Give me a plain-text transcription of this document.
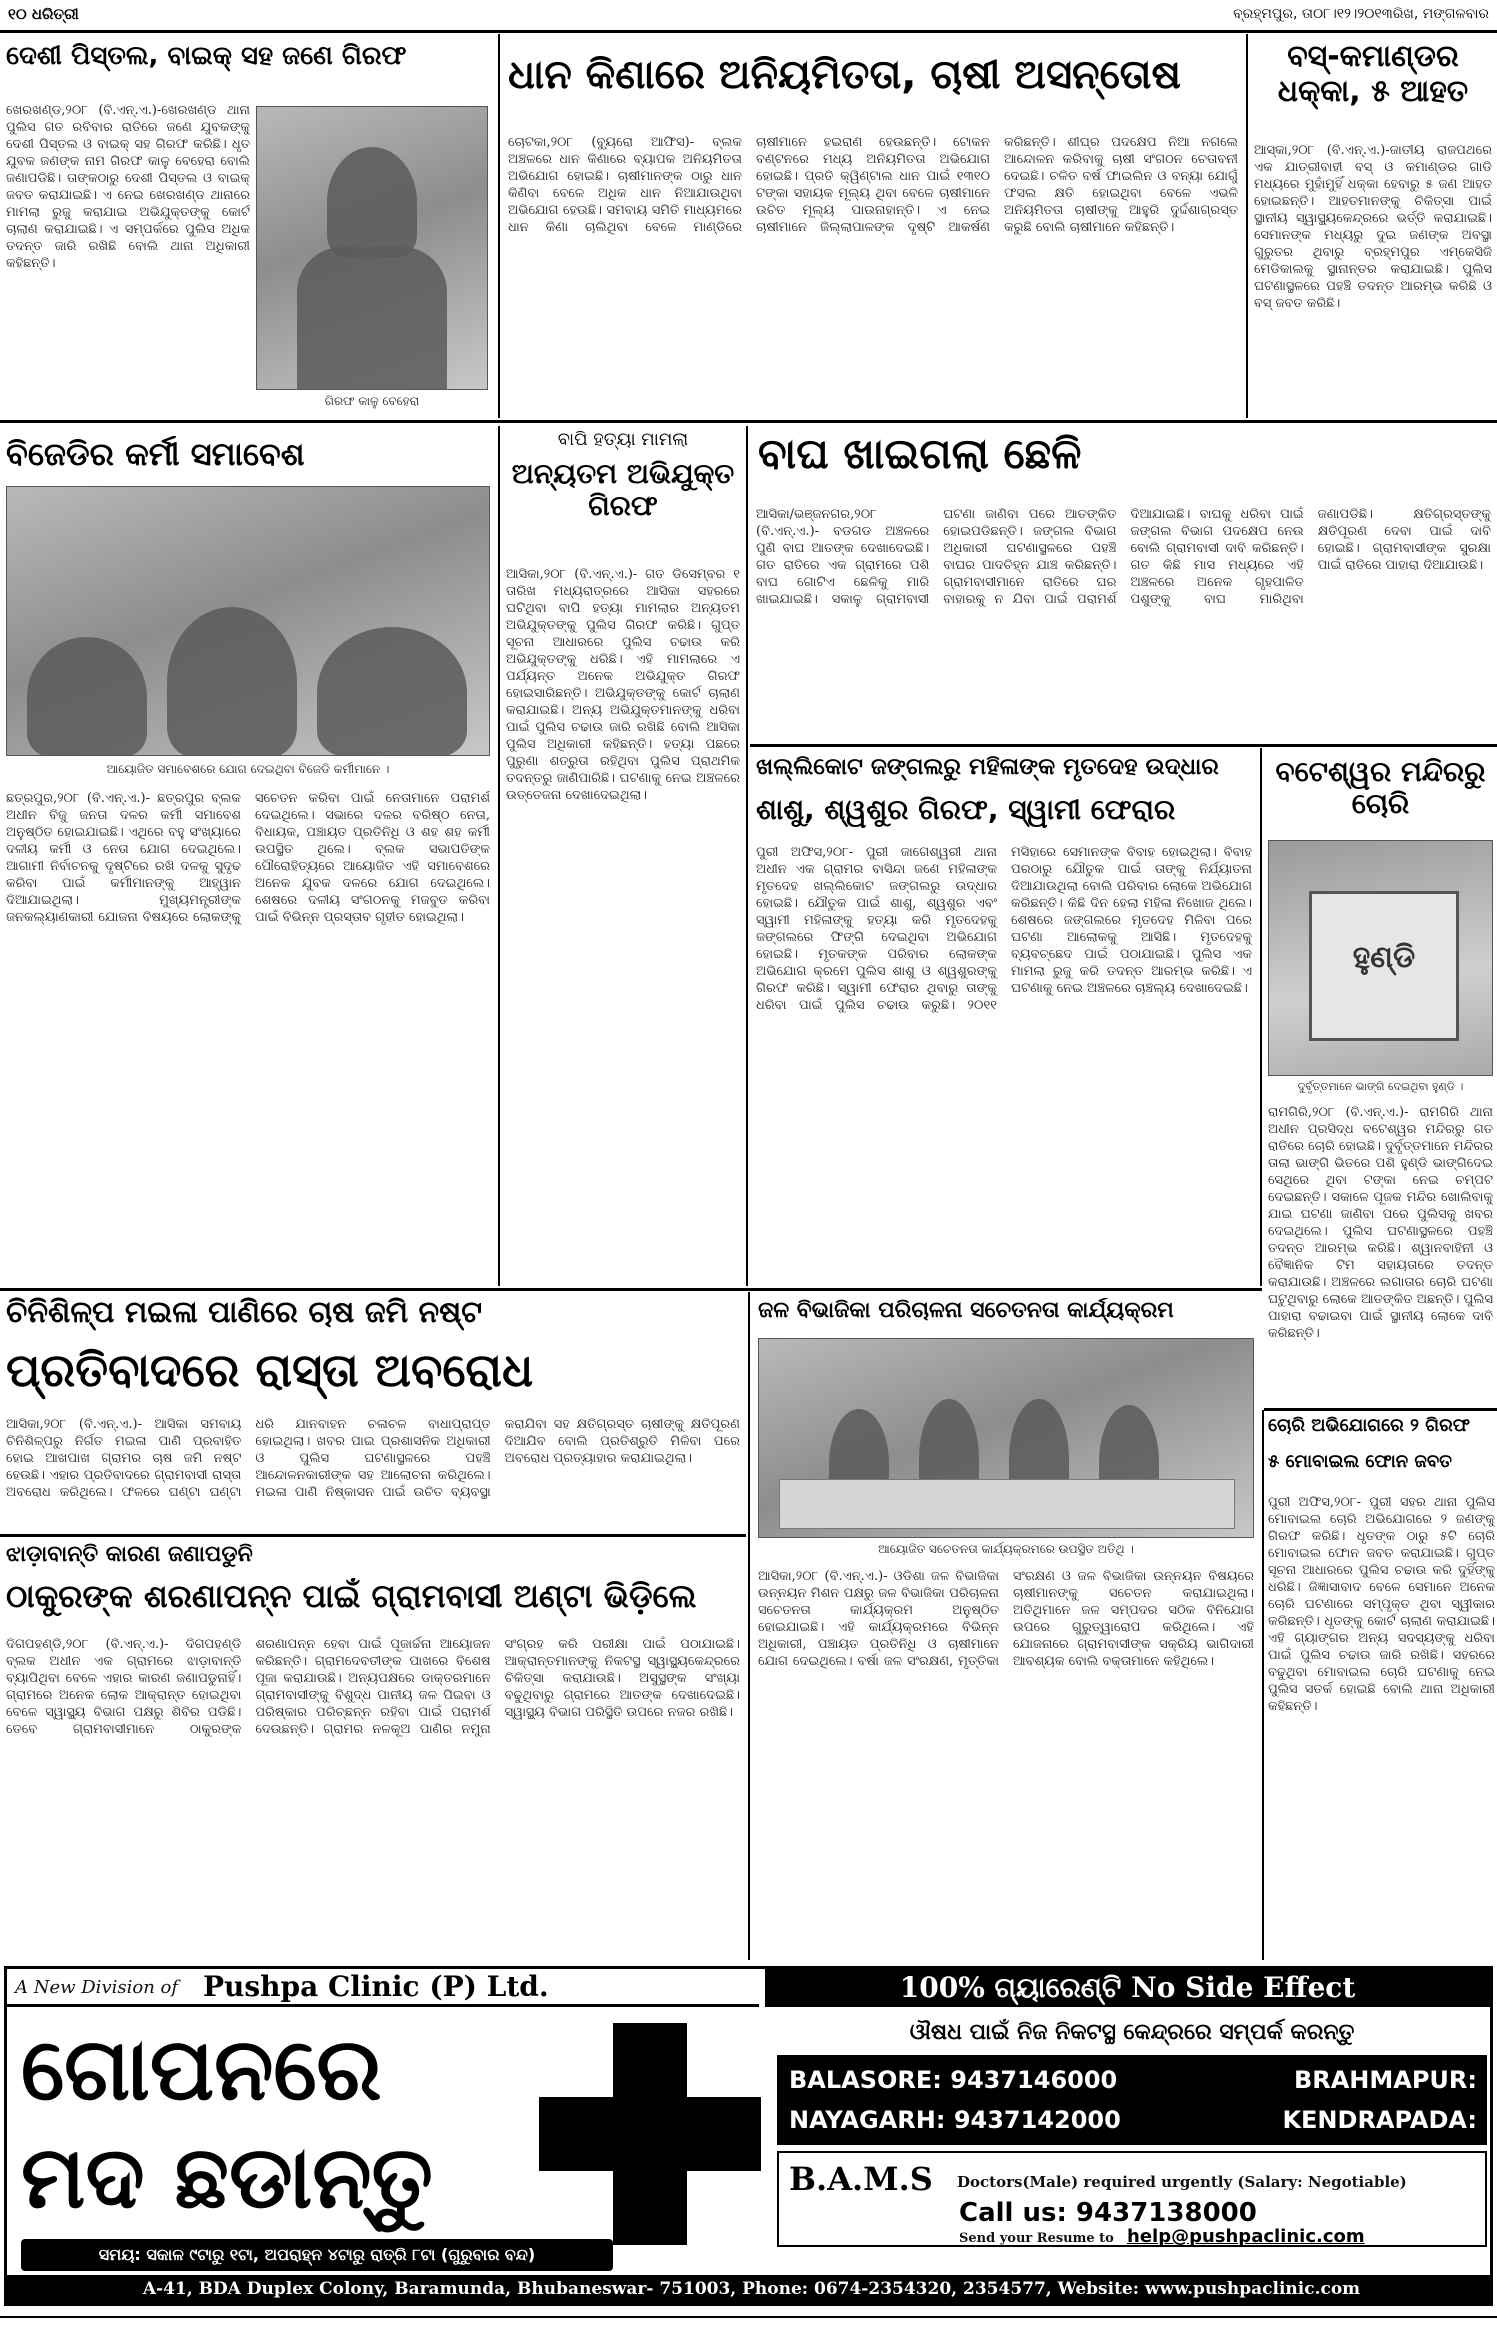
୧୦ ଧରିତ୍ରୀ	ବ୍ରହ୍ମପୁର, ତା୦୮।୧୨।୨୦୧୩ରିଖ, ମଙ୍ଗଳବାର
ଦେଶୀ ପିସ୍ତଲ, ବାଇକ୍ ସହ ଜଣେ ଗିରଫ
ଖେରଖଣ୍ଡ,୨୦୮ (ବି.ଏନ୍.ଏ.)-ଖେରଖଣ୍ଡ ଥାନା ପୁଲିସ ଗତ ରବିବାର ରାତିରେ ଜଣେ ଯୁବକଙ୍କୁ ଦେଶୀ ପିସ୍ତଲ ଓ ବାଇକ୍ ସହ ଗିରଫ କରିଛି। ଧୃତ ଯୁବକ ଜଣଙ୍କ ନାମ ଗିରଫ କାଳୁ ବେହେରା ବୋଲି ଜଣାପଡିଛି। ତାଙ୍କଠାରୁ ଦେଶୀ ପିସ୍ତଲ ଓ ବାଇକ୍ ଜବତ କରାଯାଇଛି। ଏ ନେଇ ଖେରଖଣ୍ଡ ଥାନାରେ ମାମଲା ରୁଜୁ କରାଯାଇ ଅଭିଯୁକ୍ତଙ୍କୁ କୋର୍ଟ ଚାଲାଣ କରାଯାଇଛି। ଏ ସମ୍ପର୍କରେ ପୁଲିସ ଅଧିକ ତଦନ୍ତ ଜାରି ରଖିଛି ବୋଲି ଥାନା ଅଧିକାରୀ କହିଛନ୍ତି।
ଗିରଫ କାଳୁ ବେହେରା
ଧାନ କିଣାରେ ଅନିୟମିତତା, ଚାଷୀ ଅସନ୍ତୋଷ
ଚୋଟକା,୨୦୮ (ବ୍ୟୁରୋ ଆଫିସ)- ବ୍ଲକ ଅଞ୍ଚଳରେ ଧାନ କିଣାରେ ବ୍ୟାପକ ଅନିୟମିତତା ଅଭିଯୋଗ ହୋଇଛି। ଚାଷୀମାନଙ୍କ ଠାରୁ ଧାନ କିଣିବା ବେଳେ ଅଧିକ ଧାନ ନିଆଯାଉଥିବା ଅଭିଯୋଗ ହେଉଛି। ସମବାୟ ସମିତି ମାଧ୍ୟମରେ ଧାନ କିଣା ଚାଲିଥିବା ବେଳେ ମାଣ୍ଡିରେ ଚାଷୀମାନେ ହଇରାଣ ହେଉଛନ୍ତି। ଟୋକନ ବଣ୍ଟନରେ ମଧ୍ୟ ଅନିୟମିତତା ଅଭିଯୋଗ ହୋଇଛି। ପ୍ରତି କ୍ୱିଣ୍ଟାଲ ଧାନ ପାଇଁ ୧୩୧୦ ଟଙ୍କା ସହାୟକ ମୂଲ୍ୟ ଥିବା ବେଳେ ଚାଷୀମାନେ ଉଚିତ ମୂଲ୍ୟ ପାଉନାହାନ୍ତି। ଏ ନେଇ ଚାଷୀମାନେ ଜିଲ୍ଲାପାଳଙ୍କ ଦୃଷ୍ଟି ଆକର୍ଷଣ କରିଛନ୍ତି। ଶୀଘ୍ର ପଦକ୍ଷେପ ନିଆ ନଗଲେ ଆନ୍ଦୋଳନ କରିବାକୁ ଚାଷୀ ସଂଗଠନ ଚେତାବନୀ ଦେଇଛି। ଚଳିତ ବର୍ଷ ଫାଇଲିନ ଓ ବନ୍ୟା ଯୋଗୁଁ ଫସଲ କ୍ଷତି ହୋଇଥିବା ବେଳେ ଏଭଳି ଅନିୟମିତତା ଚାଷୀଙ୍କୁ ଆହୁରି ଦୁର୍ଦ୍ଦଶାଗ୍ରସ୍ତ କରୁଛି ବୋଲି ଚାଷୀମାନେ କହିଛନ୍ତି।
ବସ୍-କମାଣ୍ଡର ଧକ୍କା, ୫ ଆହତ
ଆସ୍କା,୨୦୮ (ବି.ଏନ୍.ଏ.)-ଜାତୀୟ ରାଜପଥରେ ଏକ ଯାତ୍ରୀବାହୀ ବସ୍ ଓ କମାଣ୍ଡର ଗାଡି ମଧ୍ୟରେ ମୁହାଁମୁହିଁ ଧକ୍କା ହେବାରୁ ୫ ଜଣ ଆହତ ହୋଇଛନ୍ତି। ଆହତମାନଙ୍କୁ ଚିକିତ୍ସା ପାଇଁ ସ୍ଥାନୀୟ ସ୍ୱାସ୍ଥ୍ୟକେନ୍ଦ୍ରରେ ଭର୍ତ୍ତି କରାଯାଇଛି। ସେମାନଙ୍କ ମଧ୍ୟରୁ ଦୁଇ ଜଣଙ୍କ ଅବସ୍ଥା ଗୁରୁତର ଥିବାରୁ ବ୍ରହ୍ମପୁର ଏମ୍କେସିଜି ମେଡିକାଲକୁ ସ୍ଥାନାନ୍ତର କରାଯାଇଛି। ପୁଲିସ ଘଟଣାସ୍ଥଳରେ ପହଞ୍ଚି ତଦନ୍ତ ଆରମ୍ଭ କରିଛି ଓ ବସ୍ ଜବତ କରିଛି।
ବିଜେଡିର କର୍ମୀ ସମାବେଶ
ଆୟୋଜିତ ସମାବେଶରେ ଯୋଗ ଦେଇଥିବା ବିଜେଡି କର୍ମୀମାନେ ।
ଛତ୍ରପୁର,୨୦୮ (ବି.ଏନ୍.ଏ.)- ଛତ୍ରପୁର ବ୍ଲକ ଅଧୀନ ବିଜୁ ଜନତା ଦଳର କର୍ମୀ ସମାବେଶ ଅନୁଷ୍ଠିତ ହୋଇଯାଇଛି। ଏଥିରେ ବହୁ ସଂଖ୍ୟାରେ ଦଳୀୟ କର୍ମୀ ଓ ନେତା ଯୋଗ ଦେଇଥିଲେ। ଆଗାମୀ ନିର୍ବାଚନକୁ ଦୃଷ୍ଟିରେ ରଖି ଦଳକୁ ସୁଦୃଢ କରିବା ପାଇଁ କର୍ମୀମାନଙ୍କୁ ଆହ୍ୱାନ ଦିଆଯାଇଥିଲା। ମୁଖ୍ୟମନ୍ତ୍ରୀଙ୍କ ଜନକଲ୍ୟାଣକାରୀ ଯୋଜନା ବିଷୟରେ ଲୋକଙ୍କୁ ସଚେତନ କରିବା ପାଇଁ ନେତାମାନେ ପରାମର୍ଶ ଦେଇଥିଲେ। ସଭାରେ ଦଳର ବରିଷ୍ଠ ନେତା, ବିଧାୟକ, ପଞ୍ଚାୟତ ପ୍ରତିନିଧି ଓ ଶହ ଶହ କର୍ମୀ ଉପସ୍ଥିତ ଥିଲେ। ବ୍ଲକ ସଭାପତିଙ୍କ ପୌରୋହିତ୍ୟରେ ଆୟୋଜିତ ଏହି ସମାବେଶରେ ଅନେକ ଯୁବକ ଦଳରେ ଯୋଗ ଦେଇଥିଲେ। ଶେଷରେ ଦଳୀୟ ସଂଗଠନକୁ ମଜବୁତ କରିବା ପାଇଁ ବିଭିନ୍ନ ପ୍ରସ୍ତାବ ଗୃହୀତ ହୋଇଥିଲା।
ବାପି ହତ୍ୟା ମାମଲା
ଅନ୍ୟତମ ଅଭିଯୁକ୍ତ ଗିରଫ
ଆସିକା,୨୦୮ (ବି.ଏନ୍.ଏ.)- ଗତ ଡିସେମ୍ବର ୧ ତାରିଖ ମଧ୍ୟରାତ୍ରରେ ଆସିକା ସହରରେ ଘଟିଥିବା ବାପି ହତ୍ୟା ମାମଲାର ଅନ୍ୟତମ ଅଭିଯୁକ୍ତଙ୍କୁ ପୁଲିସ ଗିରଫ କରିଛି। ଗୁପ୍ତ ସୂଚନା ଆଧାରରେ ପୁଲିସ ଚଢାଉ କରି ଅଭିଯୁକ୍ତଙ୍କୁ ଧରିଛି। ଏହି ମାମଲାରେ ଏ ପର୍ଯ୍ୟନ୍ତ ଅନେକ ଅଭିଯୁକ୍ତ ଗିରଫ ହୋଇସାରିଛନ୍ତି। ଅଭିଯୁକ୍ତଙ୍କୁ କୋର୍ଟ ଚାଲାଣ କରାଯାଇଛି। ଅନ୍ୟ ଅଭିଯୁକ୍ତମାନଙ୍କୁ ଧରିବା ପାଇଁ ପୁଲିସ ଚଢାଉ ଜାରି ରଖିଛି ବୋଲି ଆସିକା ପୁଲିସ ଅଧିକାରୀ କହିଛନ୍ତି। ହତ୍ୟା ପଛରେ ପୁରୁଣା ଶତ୍ରୁତା ରହିଥିବା ପୁଲିସ ପ୍ରାଥମିକ ତଦନ୍ତରୁ ଜାଣିପାରିଛି। ଘଟଣାକୁ ନେଇ ଅଞ୍ଚଳରେ ଉତ୍ତେଜନା ଦେଖାଦେଇଥିଲା।
ବାଘ ଖାଇଗଲା ଛେଳି
ଆସିକା/ଭଞ୍ଜନଗର,୨୦୮ (ବି.ଏନ୍.ଏ.)- ବଡଗଡ ଅଞ୍ଚଳରେ ପୁଣି ବାଘ ଆତଙ୍କ ଦେଖାଦେଇଛି। ଗତ ରାତିରେ ଏକ ଗ୍ରାମରେ ପଶି ବାଘ ଗୋଟିଏ ଛେଳିକୁ ମାରି ଖାଇଯାଇଛି। ସକାଳୁ ଗ୍ରାମବାସୀ ଘଟଣା ଜାଣିବା ପରେ ଆତଙ୍କିତ ହୋଇପଡିଛନ୍ତି। ଜଙ୍ଗଲ ବିଭାଗ ଅଧିକାରୀ ଘଟଣାସ୍ଥଳରେ ପହଞ୍ଚି ବାଘର ପାଦଚିହ୍ନ ଯାଞ୍ଚ କରିଛନ୍ତି। ଗ୍ରାମବାସୀମାନେ ରାତିରେ ଘର ବାହାରକୁ ନ ଯିବା ପାଇଁ ପରାମର୍ଶ ଦିଆଯାଇଛି। ବାଘକୁ ଧରିବା ପାଇଁ ଜଙ୍ଗଲ ବିଭାଗ ପଦକ୍ଷେପ ନେଉ ବୋଲି ଗ୍ରାମବାସୀ ଦାବି କରିଛନ୍ତି। ଗତ କିଛି ମାସ ମଧ୍ୟରେ ଏହି ଅଞ୍ଚଳରେ ଅନେକ ଗୃହପାଳିତ ପଶୁଙ୍କୁ ବାଘ ମାରିଥିବା ଜଣାପଡିଛି। କ୍ଷତିଗ୍ରସ୍ତଙ୍କୁ କ୍ଷତିପୂରଣ ଦେବା ପାଇଁ ଦାବି ହୋଇଛି। ଗ୍ରାମବାସୀଙ୍କ ସୁରକ୍ଷା ପାଇଁ ରାତିରେ ପାହାରା ଦିଆଯାଉଛି।
ଖଲ୍ଲିକୋଟ ଜଙ୍ଗଲରୁ ମହିଳାଙ୍କ ମୃତଦେହ ଉଦ୍ଧାର
ଶାଶୁ, ଶ୍ୱଶୁର ଗିରଫ, ସ୍ୱାମୀ ଫେରାର
ପୁରୀ ଅଫିସ,୨୦୮- ପୁରୀ ଜାଗେଶ୍ୱରୀ ଥାନା ଅଧୀନ ଏକ ଗ୍ରାମର ବାସିନ୍ଦା ଜଣେ ମହିଳାଙ୍କ ମୃତଦେହ ଖଲ୍ଲିକୋଟ ଜଙ୍ଗଲରୁ ଉଦ୍ଧାର ହୋଇଛି। ଯୌତୁକ ପାଇଁ ଶାଶୁ, ଶ୍ୱଶୁର ଏବଂ ସ୍ୱାମୀ ମହିଳାଙ୍କୁ ହତ୍ୟା କରି ମୃତଦେହକୁ ଜଙ୍ଗଲରେ ଫିଙ୍ଗି ଦେଇଥିବା ଅଭିଯୋଗ ହୋଇଛି। ମୃତକଙ୍କ ପରିବାର ଲୋକଙ୍କ ଅଭିଯୋଗ କ୍ରମେ ପୁଲିସ ଶାଶୁ ଓ ଶ୍ୱଶୁରଙ୍କୁ ଗିରଫ କରିଛି। ସ୍ୱାମୀ ଫେରାର ଥିବାରୁ ତାଙ୍କୁ ଧରିବା ପାଇଁ ପୁଲିସ ଚଢାଉ କରୁଛି। ୨୦୧୧ ମସିହାରେ ସେମାନଙ୍କ ବିବାହ ହୋଇଥିଲା। ବିବାହ ପରଠାରୁ ଯୌତୁକ ପାଇଁ ତାଙ୍କୁ ନିର୍ଯ୍ୟାତନା ଦିଆଯାଉଥିଲା ବୋଲି ପରିବାର ଲୋକେ ଅଭିଯୋଗ କରିଛନ୍ତି। କିଛି ଦିନ ହେଲା ମହିଳା ନିଖୋଜ ଥିଲେ। ଶେଷରେ ଜଙ୍ଗଲରେ ମୃତଦେହ ମିଳିବା ପରେ ଘଟଣା ଆଲୋକକୁ ଆସିଛି। ମୃତଦେହକୁ ବ୍ୟବଚ୍ଛେଦ ପାଇଁ ପଠାଯାଇଛି। ପୁଲିସ ଏକ ମାମଲା ରୁଜୁ କରି ତଦନ୍ତ ଆରମ୍ଭ କରିଛି। ଏ ଘଟଣାକୁ ନେଇ ଅଞ୍ଚଳରେ ଚାଞ୍ଚଲ୍ୟ ଦେଖାଦେଇଛି।
ବଟେଶ୍ୱର ମନ୍ଦିରରୁ ଚୋରି
ହୁଣ୍ଡି
ଦୁର୍ବୃତ୍ତମାନେ ଭାଙ୍ଗି ଦେଇଥିବା ହୁଣ୍ଡି ।
ରାମଗିରି,୨୦୮ (ବି.ଏନ୍.ଏ.)- ରାମଗିରି ଥାନା ଅଧୀନ ପ୍ରସିଦ୍ଧ ବଟେଶ୍ୱର ମନ୍ଦିରରୁ ଗତ ରାତିରେ ଚୋରି ହୋଇଛି। ଦୁର୍ବୃତ୍ତମାନେ ମନ୍ଦିରର ତାଲା ଭାଙ୍ଗି ଭିତରେ ପଶି ହୁଣ୍ଡି ଭାଙ୍ଗିଦେଇ ସେଥିରେ ଥିବା ଟଙ୍କା ନେଇ ଚମ୍ପଟ ଦେଇଛନ୍ତି। ସକାଳେ ପୂଜକ ମନ୍ଦିର ଖୋଲିବାକୁ ଯାଇ ଘଟଣା ଜାଣିବା ପରେ ପୁଲିସକୁ ଖବର ଦେଇଥିଲେ। ପୁଲିସ ଘଟଣାସ୍ଥଳରେ ପହଞ୍ଚି ତଦନ୍ତ ଆରମ୍ଭ କରିଛି। ଶ୍ୱାନବାହିନୀ ଓ ବୈଜ୍ଞାନିକ ଟିମ ସହାୟତାରେ ତଦନ୍ତ କରାଯାଉଛି। ଅଞ୍ଚଳରେ ଲଗାତାର ଚୋରି ଘଟଣା ଘଟୁଥିବାରୁ ଲୋକେ ଆତଙ୍କିତ ଅଛନ୍ତି। ପୁଲିସ ପାହାରା ବଢାଇବା ପାଇଁ ସ୍ଥାନୀୟ ଲୋକେ ଦାବି କରିଛନ୍ତି।
ଚିନିଶିଳ୍ପ ମଇଳା ପାଣିରେ ଚାଷ ଜମି ନଷ୍ଟ
ପ୍ରତିବାଦରେ ରାସ୍ତା ଅବରୋଧ
ଆସିକା,୨୦୮ (ବି.ଏନ୍.ଏ.)- ଆସିକା ସମବାୟ ଚିନିଶିଳ୍ପରୁ ନିର୍ଗତ ମଇଳା ପାଣି ପ୍ରବାହିତ ହୋଇ ଆଖପାଖ ଗ୍ରାମର ଚାଷ ଜମି ନଷ୍ଟ ହେଉଛି। ଏହାର ପ୍ରତିବାଦରେ ଗ୍ରାମବାସୀ ରାସ୍ତା ଅବରୋଧ କରିଥିଲେ। ଫଳରେ ଘଣ୍ଟା ଘଣ୍ଟା ଧରି ଯାନବାହନ ଚଳାଚଳ ବାଧାପ୍ରାପ୍ତ ହୋଇଥିଲା। ଖବର ପାଇ ପ୍ରଶାସନିକ ଅଧିକାରୀ ଓ ପୁଲିସ ଘଟଣାସ୍ଥଳରେ ପହଞ୍ଚି ଆନ୍ଦୋଳନକାରୀଙ୍କ ସହ ଆଲୋଚନା କରିଥିଲେ। ମଇଳା ପାଣି ନିଷ୍କାସନ ପାଇଁ ଉଚିତ ବ୍ୟବସ୍ଥା କରାଯିବା ସହ କ୍ଷତିଗ୍ରସ୍ତ ଚାଷୀଙ୍କୁ କ୍ଷତିପୂରଣ ଦିଆଯିବ ବୋଲି ପ୍ରତିଶ୍ରୁତି ମିଳିବା ପରେ ଅବରୋଧ ପ୍ରତ୍ୟାହାର କରାଯାଇଥିଲା।
ଝାଡ଼ାବାନ୍ତି କାରଣ ଜଣାପଡୁନି
ଠାକୁରଙ୍କ ଶରଣାପନ୍ନ ପାଇଁ ଗ୍ରାମବାସୀ ଅଣ୍ଟା ଭିଡ଼ିଲେ
ଦିଗପହଣ୍ଡି,୨୦୮ (ବି.ଏନ୍.ଏ.)- ଦିଗପହଣ୍ଡି ବ୍ଲକ ଅଧୀନ ଏକ ଗ୍ରାମରେ ଝାଡ଼ାବାନ୍ତି ବ୍ୟାପିଥିବା ବେଳେ ଏହାର କାରଣ ଜଣାପଡୁନାହିଁ। ଗ୍ରାମରେ ଅନେକ ଲୋକ ଆକ୍ରାନ୍ତ ହୋଇଥିବା ବେଳେ ସ୍ୱାସ୍ଥ୍ୟ ବିଭାଗ ପକ୍ଷରୁ ଶିବିର ପଡିଛି। ତେବେ ଗ୍ରାମବାସୀମାନେ ଠାକୁରଙ୍କ ଶରଣାପନ୍ନ ହେବା ପାଇଁ ପୂଜାର୍ଚ୍ଚନା ଆୟୋଜନ କରିଛନ୍ତି। ଗ୍ରାମଦେବତୀଙ୍କ ପାଖରେ ବିଶେଷ ପୂଜା କରାଯାଉଛି। ଅନ୍ୟପକ୍ଷରେ ଡାକ୍ତରମାନେ ଗ୍ରାମବାସୀଙ୍କୁ ବିଶୁଦ୍ଧ ପାନୀୟ ଜଳ ପିଇବା ଓ ପରିଷ୍କାର ପରିଚ୍ଛନ୍ନ ରହିବା ପାଇଁ ପରାମର୍ଶ ଦେଉଛନ୍ତି। ଗ୍ରାମର ନଳକୂଅ ପାଣିର ନମୁନା ସଂଗ୍ରହ କରି ପରୀକ୍ଷା ପାଇଁ ପଠାଯାଇଛି। ଆକ୍ରାନ୍ତମାନଙ୍କୁ ନିକଟସ୍ଥ ସ୍ୱାସ୍ଥ୍ୟକେନ୍ଦ୍ରରେ ଚିକିତ୍ସା କରାଯାଉଛି। ଅସୁସ୍ଥଙ୍କ ସଂଖ୍ୟା ବଢୁଥିବାରୁ ଗ୍ରାମରେ ଆତଙ୍କ ଦେଖାଦେଇଛି। ସ୍ୱାସ୍ଥ୍ୟ ବିଭାଗ ପରିସ୍ଥିତି ଉପରେ ନଜର ରଖିଛି।
ଜଳ ବିଭାଜିକା ପରିଚାଳନା ସଚେତନତା କାର୍ଯ୍ୟକ୍ରମ
ଆୟୋଜିତ ସଚେତନତା କାର୍ଯ୍ୟକ୍ରମରେ ଉପସ୍ଥିତ ଅତିଥି ।
ଆସିକା,୨୦୮ (ବି.ଏନ୍.ଏ.)- ଓଡିଶା ଜଳ ବିଭାଜିକା ଉନ୍ନୟନ ମିଶନ ପକ୍ଷରୁ ଜଳ ବିଭାଜିକା ପରିଚାଳନା ସଚେତନତା କାର୍ଯ୍ୟକ୍ରମ ଅନୁଷ୍ଠିତ ହୋଇଯାଇଛି। ଏହି କାର୍ଯ୍ୟକ୍ରମରେ ବିଭିନ୍ନ ଅଧିକାରୀ, ପଞ୍ଚାୟତ ପ୍ରତିନିଧି ଓ ଚାଷୀମାନେ ଯୋଗ ଦେଇଥିଲେ। ବର୍ଷା ଜଳ ସଂରକ୍ଷଣ, ମୃତ୍ତିକା ସଂରକ୍ଷଣ ଓ ଜଳ ବିଭାଜିକା ଉନ୍ନୟନ ବିଷୟରେ ଚାଷୀମାନଙ୍କୁ ସଚେତନ କରାଯାଇଥିଲା। ଅତିଥିମାନେ ଜଳ ସମ୍ପଦର ସଠିକ ବିନିଯୋଗ ଉପରେ ଗୁରୁତ୍ୱାରୋପ କରିଥିଲେ। ଏହି ଯୋଜନାରେ ଗ୍ରାମବାସୀଙ୍କ ସକ୍ରିୟ ଭାଗିଦାରୀ ଆବଶ୍ୟକ ବୋଲି ବକ୍ତାମାନେ କହିଥିଲେ।
ଚୋରି ଅଭିଯୋଗରେ ୨ ଗିରଫ
୫ ମୋବାଇଲ ଫୋନ ଜବତ
ପୁରୀ ଅଫିସ,୨୦୮- ପୁରୀ ସହର ଥାନା ପୁଲିସ ମୋବାଇଲ ଚୋରି ଅଭିଯୋଗରେ ୨ ଜଣଙ୍କୁ ଗିରଫ କରିଛି। ଧୃତଙ୍କ ଠାରୁ ୫ଟି ଚୋରି ମୋବାଇଲ ଫୋନ ଜବତ କରାଯାଇଛି। ଗୁପ୍ତ ସୂଚନା ଆଧାରରେ ପୁଲିସ ଚଢାଉ କରି ଦୁହିଁଙ୍କୁ ଧରିଛି। ଜିଜ୍ଞାସାବାଦ ବେଳେ ସେମାନେ ଅନେକ ଚୋରି ଘଟଣାରେ ସମ୍ପୃକ୍ତ ଥିବା ସ୍ୱୀକାର କରିଛନ୍ତି। ଧୃତଙ୍କୁ କୋର୍ଟ ଚାଲାଣ କରାଯାଇଛି। ଏହି ଗ୍ୟାଙ୍ଗର ଅନ୍ୟ ସଦସ୍ୟଙ୍କୁ ଧରିବା ପାଇଁ ପୁଲିସ ଚଢାଉ ଜାରି ରଖିଛି। ସହରରେ ବଢୁଥିବା ମୋବାଇଲ ଚୋରି ଘଟଣାକୁ ନେଇ ପୁଲିସ ସତର୍କ ହୋଇଛି ବୋଲି ଥାନା ଅଧିକାରୀ କହିଛନ୍ତି।
A New Division of Pushpa Clinic (P) Ltd.	100% ଗ୍ୟାରେଣ୍ଟି No Side Effect
ଗୋପନରେ
ମଦ ଛଡାନ୍ତୁ
ଔଷଧ ପାଇଁ ନିଜ ନିକଟସ୍ଥ କେନ୍ଦ୍ରରେ ସମ୍ପର୍କ କରନ୍ତୁ
BALASORE: 9437146000	BRAHMAPUR:
NAYAGARH: 9437142000	KENDRAPADA:
B.A.M.S Doctors(Male) required urgently (Salary: Negotiable)
Call us: 9437138000
Send your Resume to help@pushpaclinic.com
ସମୟ: ସକାଳ ୯ଟାରୁ ୧ଟା, ଅପରାହ୍ନ ୪ଟାରୁ ରାତ୍ରି ୮ଟା (ଗୁରୁବାର ବନ୍ଦ)
A-41, BDA Duplex Colony, Baramunda, Bhubaneswar- 751003, Phone: 0674-2354320, 2354577, Website: www.pushpaclinic.com
